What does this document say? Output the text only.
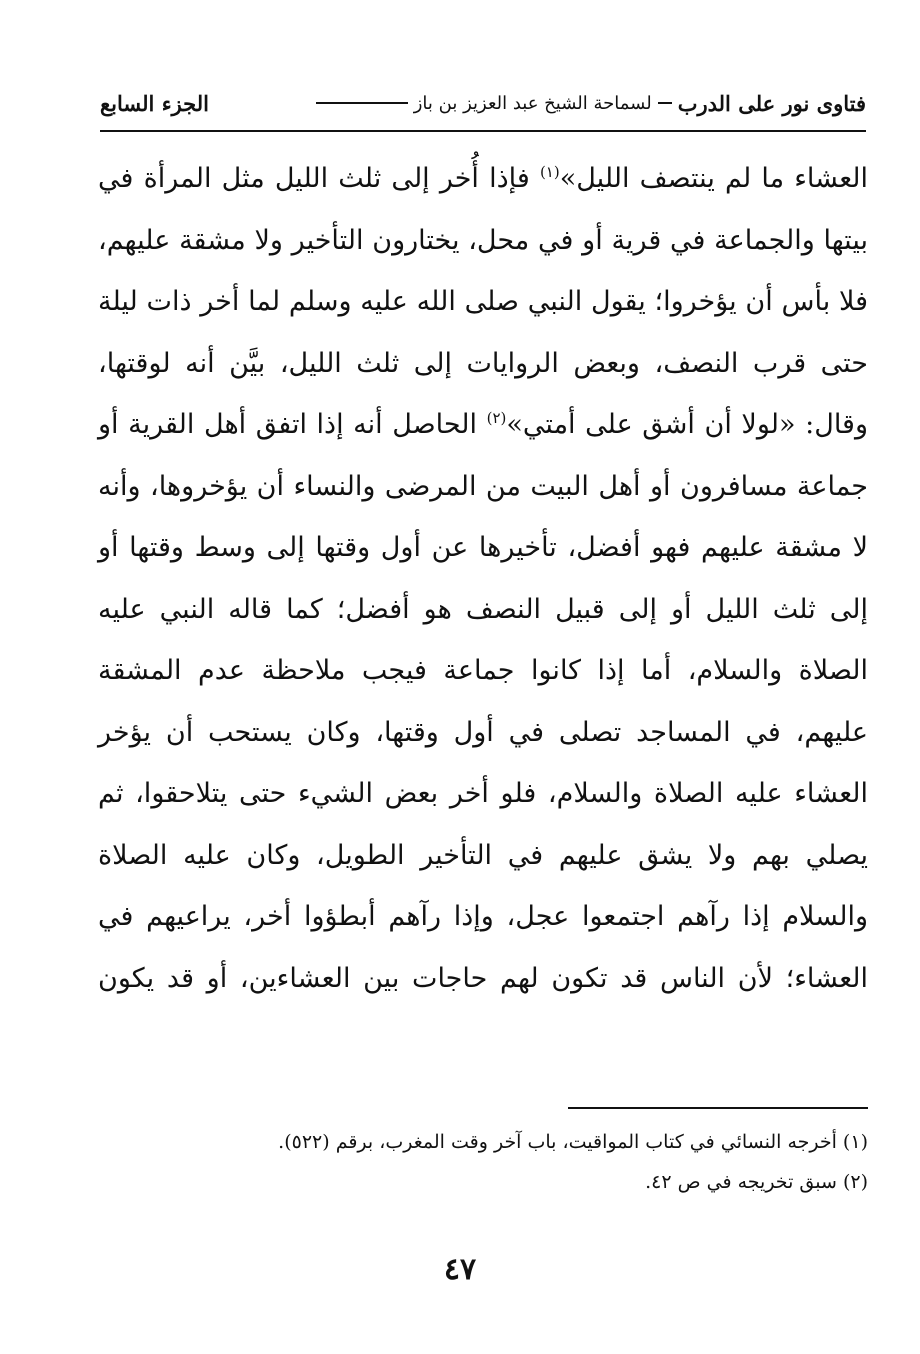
فتاوى نور على الدرب
لسماحة الشيخ عبد العزيز بن باز
الجزء السابع
العشاء ما لم ينتصف الليل»$^{(١)}$ فإذا أُخر إلى ثلث الليل مثل المرأة في
بيتها والجماعة في قرية أو في محل، يختارون التأخير ولا مشقة عليهم،
فلا بأس أن يؤخروا؛ يقول النبي صلى الله عليه وسلم لما أخر ذات ليلة
حتى قرب النصف، وبعض الروايات إلى ثلث الليل، بيَّن أنه لوقتها،
وقال: «لولا أن أشق على أمتي»$^{(٢)}$ الحاصل أنه إذا اتفق أهل القرية أو
جماعة مسافرون أو أهل البيت من المرضى والنساء أن يؤخروها، وأنه
لا مشقة عليهم فهو أفضل، تأخيرها عن أول وقتها إلى وسط وقتها أو
إلى ثلث الليل أو إلى قبيل النصف هو أفضل؛ كما قاله النبي عليه
الصلاة والسلام، أما إذا كانوا جماعة فيجب ملاحظة عدم المشقة
عليهم، في المساجد تصلى في أول وقتها، وكان يستحب أن يؤخر
العشاء عليه الصلاة والسلام، فلو أخر بعض الشيء حتى يتلاحقوا، ثم
يصلي بهم ولا يشق عليهم في التأخير الطويل، وكان عليه الصلاة
والسلام إذا رآهم اجتمعوا عجل، وإذا رآهم أبطؤوا أخر، يراعيهم في
العشاء؛ لأن الناس قد تكون لهم حاجات بين العشاءين، أو قد يكون
(١) أخرجه النسائي في كتاب المواقيت، باب آخر وقت المغرب، برقم (٥٢٢).
(٢) سبق تخريجه في ص ٤٢.
٤٧
